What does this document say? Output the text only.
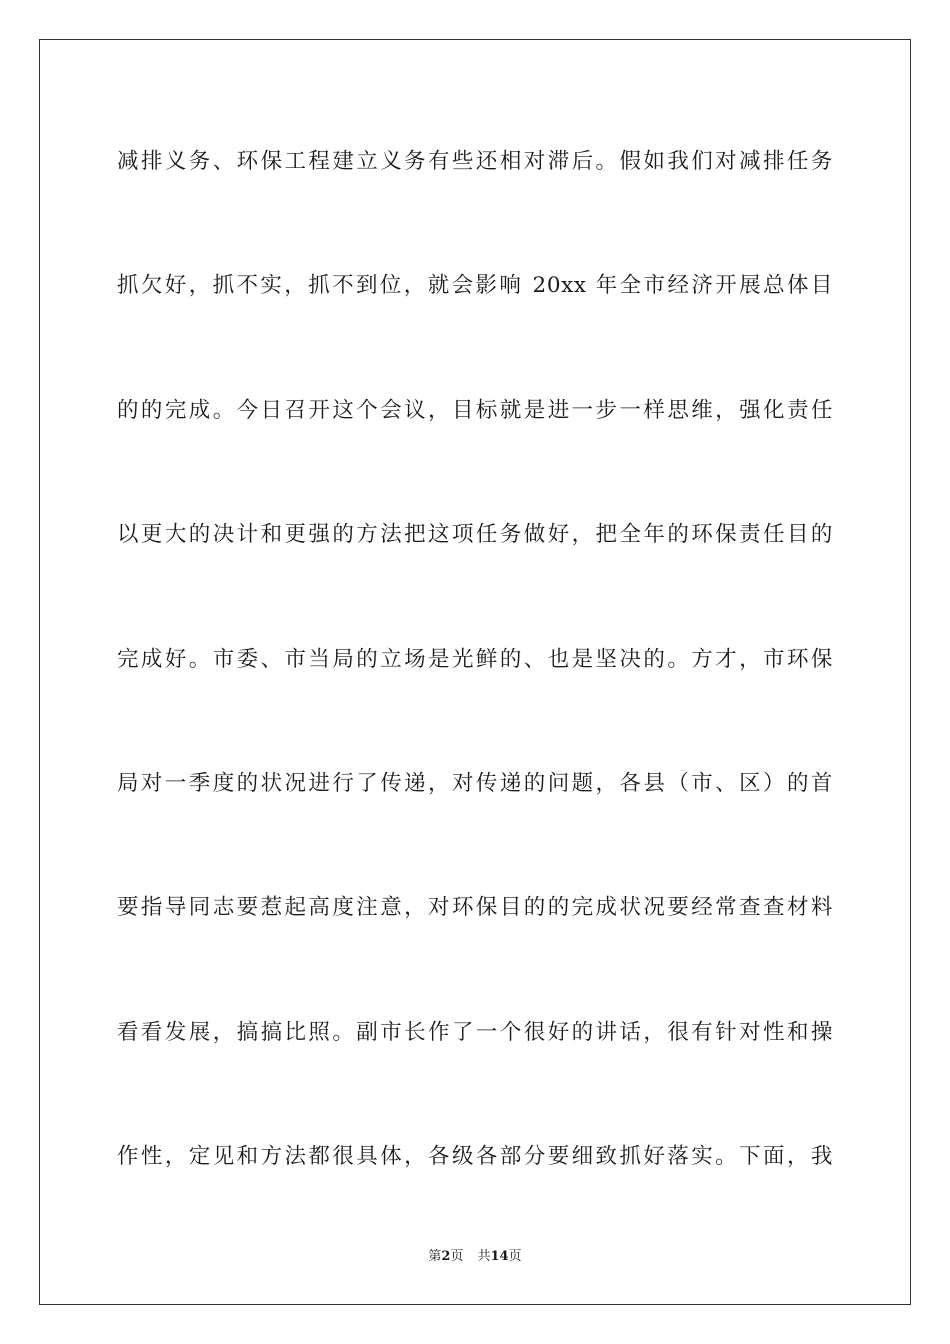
减排义务、环保工程建立义务有些还相对滞后。假如我们对减排任务
抓欠好，抓不实，抓不到位，就会影响 20xx 年全市经济开展总体目
的的完成。今日召开这个会议，目标就是进一步一样思维，强化责任
以更大的决计和更强的方法把这项任务做好，把全年的环保责任目的
完成好。市委、市当局的立场是光鲜的、也是坚决的。方才，市环保
局对一季度的状况进行了传递，对传递的问题，各县（市、区）的首
要指导同志要惹起高度注意，对环保目的的完成状况要经常查查材料
看看发展，搞搞比照。副市长作了一个很好的讲话，很有针对性和操
作性，定见和方法都很具体，各级各部分要细致抓好落实。下面，我
第2页 共14页
